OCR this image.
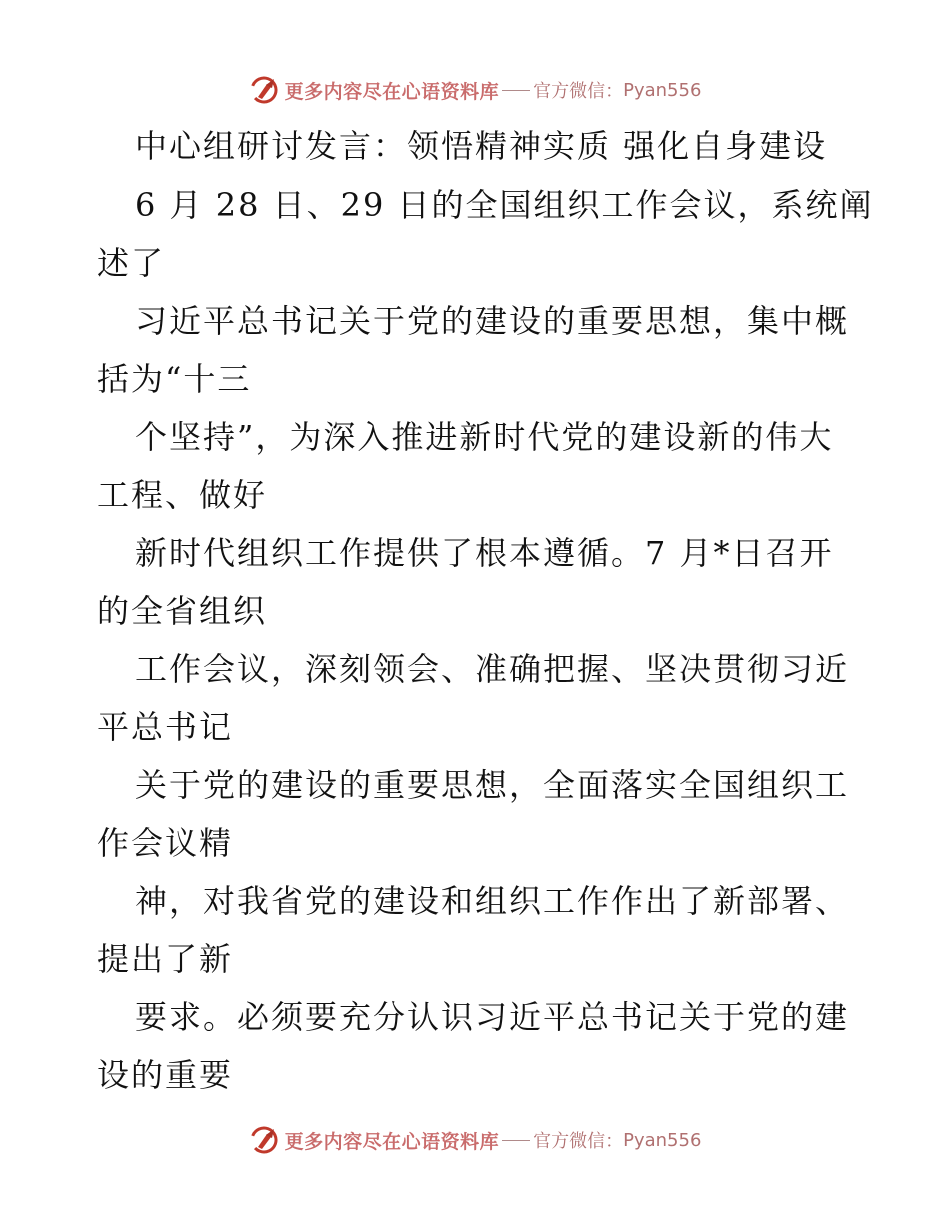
更多内容尽在心语资料库 官方微信： Pyan556
中心组研讨发言：领悟精神实质 强化自身建设
6 月 28 日、29 日的全国组织工作会议，系统阐
述了
习近平总书记关于党的建设的重要思想，集中概
括为“十三
个坚持”，为深入推进新时代党的建设新的伟大
工程、做好
新时代组织工作提供了根本遵循。7 月*日召开
的全省组织
工作会议，深刻领会、准确把握、坚决贯彻习近
平总书记
关于党的建设的重要思想，全面落实全国组织工
作会议精
神，对我省党的建设和组织工作作出了新部署、
提出了新
要求。必须要充分认识习近平总书记关于党的建
设的重要
更多内容尽在心语资料库 官方微信： Pyan556
